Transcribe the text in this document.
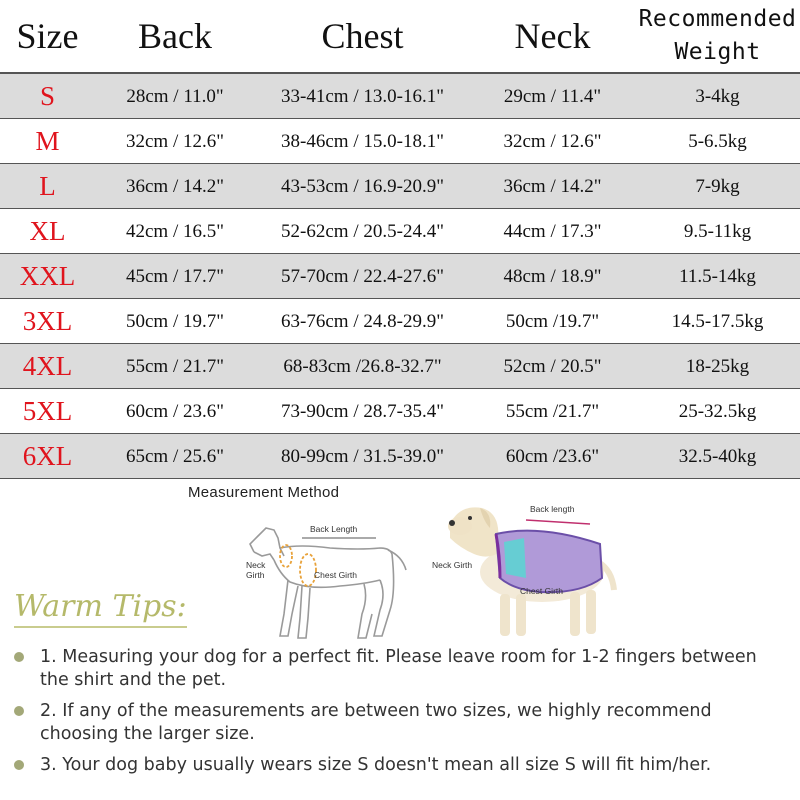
Size	Back	Chest	Neck	Recommended
Weight
S	28cm / 11.0"	33-41cm / 13.0-16.1"	29cm / 11.4"	3-4kg
M	32cm / 12.6"	38-46cm / 15.0-18.1"	32cm / 12.6"	5-6.5kg
L	36cm / 14.2"	43-53cm / 16.9-20.9"	36cm / 14.2"	7-9kg
XL	42cm / 16.5"	52-62cm / 20.5-24.4"	44cm / 17.3"	9.5-11kg
XXL	45cm / 17.7"	57-70cm / 22.4-27.6"	48cm / 18.9"	11.5-14kg
3XL	50cm / 19.7"	63-76cm / 24.8-29.9"	50cm /19.7"	14.5-17.5kg
4XL	55cm / 21.7"	68-83cm /26.8-32.7"	52cm / 20.5"	18-25kg
5XL	60cm / 23.6"	73-90cm / 28.7-35.4"	55cm /21.7"	25-32.5kg
6XL	65cm / 25.6"	80-99cm / 31.5-39.0"	60cm /23.6"	32.5-40kg
Measurement Method
Back Length
Neck
Girth	Chest Girth
Back length
Neck Girth
Chest Girth
Warm Tips:
1. Measuring your dog for a perfect fit. Please leave room for 1-2 fingers between the shirt and the pet.
2. If any of the measurements are between two sizes, we highly recommend choosing the larger size.
3. Your dog baby usually wears size S doesn't mean all size S will fit him/her.
